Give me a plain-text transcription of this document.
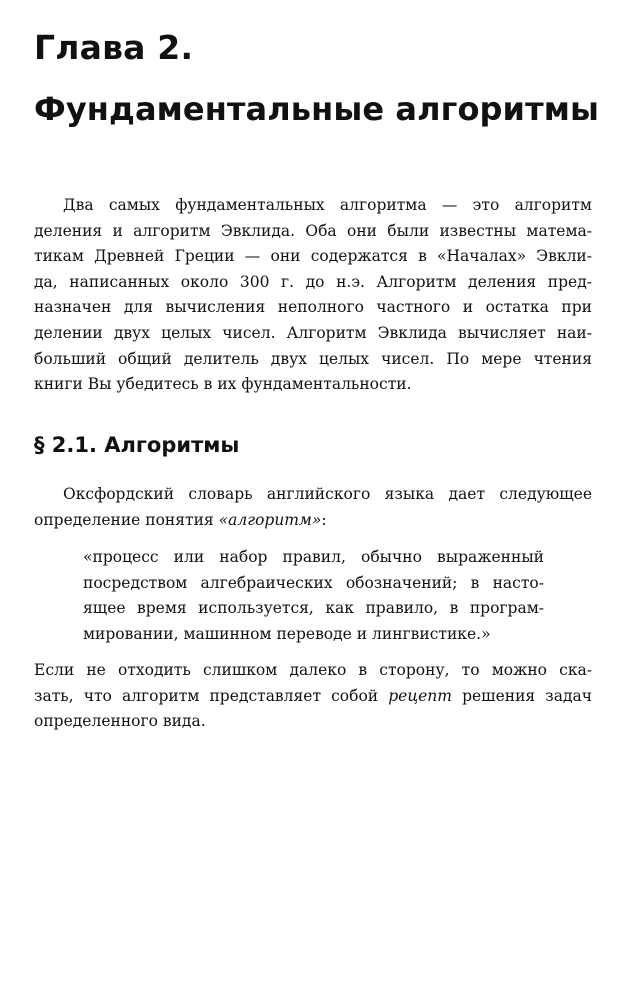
Глава 2.
Фундаментальные алгоритмы
Два самых фундаментальных алгоритма — это алгоритм
деления и алгоритм Эвклида. Оба они были известны матема-
тикам Древней Греции — они содержатся в «Началах» Эвкли-
да, написанных около 300 г. до н.э. Алгоритм деления пред-
назначен для вычисления неполного частного и остатка при
делении двух целых чисел. Алгоритм Эвклида вычисляет наи-
больший общий делитель двух целых чисел. По мере чтения
книги Вы убедитесь в их фундаментальности.
§ 2.1. Алгоритмы
Оксфордский словарь английского языка дает следующее
определение понятия «алгоритм»:
«процесс или набор правил, обычно выраженный
посредством алгебраических обозначений; в насто-
ящее время используется, как правило, в програм-
мировании, машинном переводе и лингвистике.»
Если не отходить слишком далеко в сторону, то можно ска-
зать, что алгоритм представляет собой рецепт решения задач
определенного вида.
